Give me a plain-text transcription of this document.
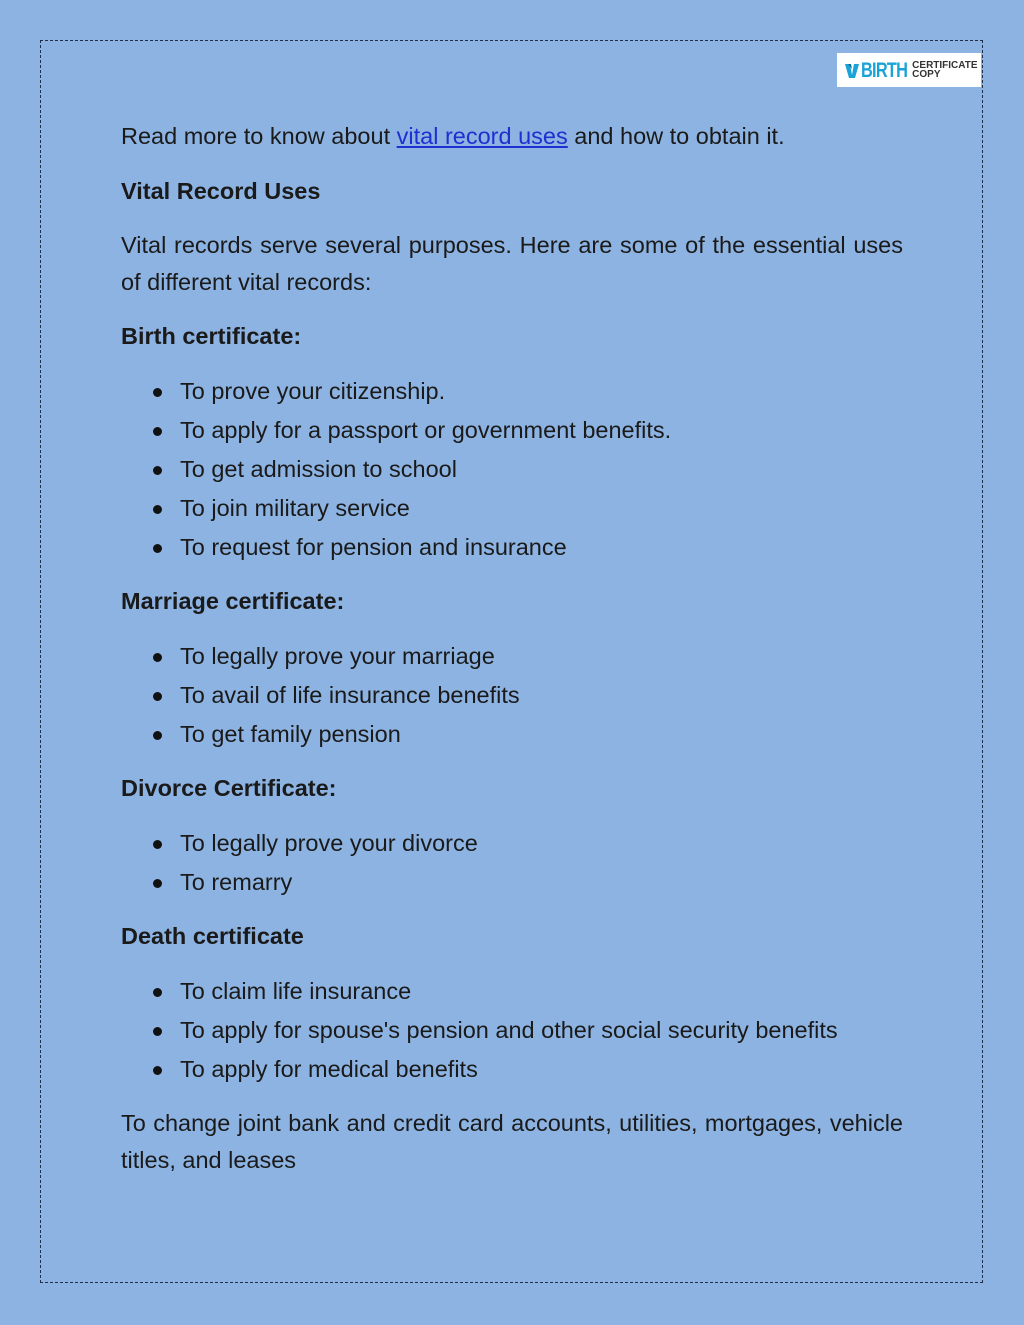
BIRTH CERTIFICATE
COPY

Read more to know about vital record uses and how to obtain it.

Vital Record Uses

Vital records serve several purposes. Here are some of the essential uses of different vital records:

Birth certificate:

To prove your citizenship.
To apply for a passport or government benefits.
To get admission to school
To join military service
To request for pension and insurance

Marriage certificate:

To legally prove your marriage
To avail of life insurance benefits
To get family pension

Divorce Certificate:

To legally prove your divorce
To remarry

Death certificate

To claim life insurance
To apply for spouse's pension and other social security benefits
To apply for medical benefits

To change joint bank and credit card accounts, utilities, mortgages, vehicle titles, and leases
